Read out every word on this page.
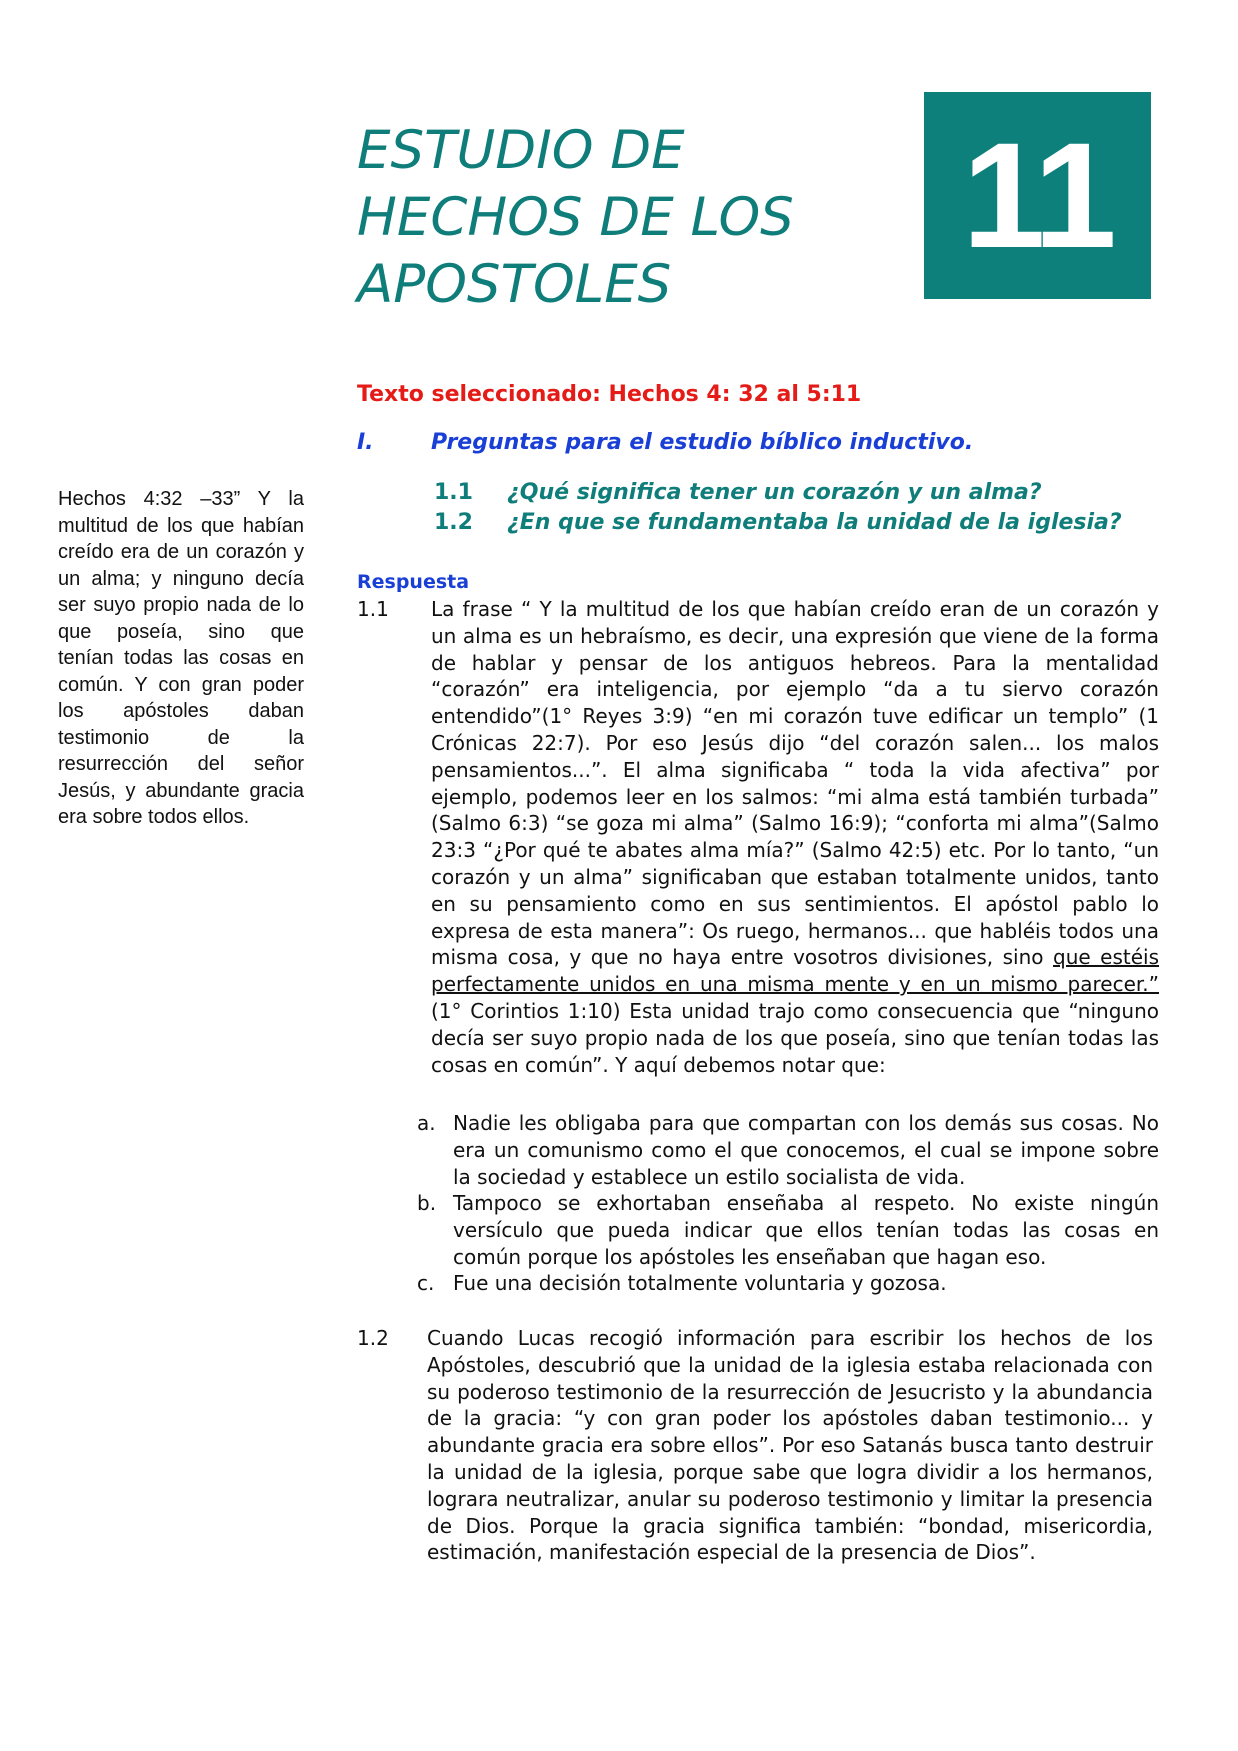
ESTUDIO DE
HECHOS DE LOS
APOSTOLES
11
Hechos 4:32 –33” Y la multitud de los que habían creído era de un corazón y un alma; y ninguno decía ser suyo propio nada de lo que poseía, sino que tenían todas las cosas en común. Y con gran poder los apóstoles daban testimonio de la resurrección del señor Jesús, y abundante gracia era sobre todos ellos.
Texto seleccionado: Hechos 4: 32 al 5:11
I.	Preguntas para el estudio bíblico inductivo.
1.1 ¿Qué significa tener un corazón y un alma?
1.2 ¿En que se fundamentaba la unidad de la iglesia?
Respuesta
1.1 La frase “ Y la multitud de los que habían creído eran de un corazón y un alma es un hebraísmo, es decir, una expresión que viene de la forma de hablar y pensar de los antiguos hebreos. Para la mentalidad “corazón” era inteligencia, por ejemplo “da a tu siervo corazón entendido”(1° Reyes 3:9) “en mi corazón tuve edificar un templo” (1 Crónicas 22:7). Por eso Jesús dijo “del corazón salen... los malos pensamientos...”. El alma significaba “ toda la vida afectiva” por ejemplo, podemos leer en los salmos: “mi alma está también turbada” (Salmo 6:3) “se goza mi alma” (Salmo 16:9); “conforta mi alma”(Salmo 23:3 “¿Por qué te abates alma mía?” (Salmo 42:5) etc. Por lo tanto, “un corazón y un alma” significaban que estaban totalmente unidos, tanto en su pensamiento como en sus sentimientos. El apóstol pablo lo expresa de esta manera”: Os ruego, hermanos... que habléis todos una misma cosa, y que no haya entre vosotros divisiones, sino que estéis perfectamente unidos en una misma mente y en un mismo parecer.” (1° Corintios 1:10) Esta unidad trajo como consecuencia que “ninguno decía ser suyo propio nada de los que poseía, sino que tenían todas las cosas en común”. Y aquí debemos notar que:
a. Nadie les obligaba para que compartan con los demás sus cosas. No era un comunismo como el que conocemos, el cual se impone sobre la sociedad y establece un estilo socialista de vida.
b. Tampoco se exhortaban enseñaba al respeto. No existe ningún versículo que pueda indicar que ellos tenían todas las cosas en común porque los apóstoles les enseñaban que hagan eso.
c. Fue una decisión totalmente voluntaria y gozosa.
1.2 Cuando Lucas recogió información para escribir los hechos de los Apóstoles, descubrió que la unidad de la iglesia estaba relacionada con su poderoso testimonio de la resurrección de Jesucristo y la abundancia de la gracia: “y con gran poder los apóstoles daban testimonio... y abundante gracia era sobre ellos”. Por eso Satanás busca tanto destruir la unidad de la iglesia, porque sabe que logra dividir a los hermanos, lograra neutralizar, anular su poderoso testimonio y limitar la presencia de Dios. Porque la gracia significa también: “bondad, misericordia, estimación, manifestación especial de la presencia de Dios”.
